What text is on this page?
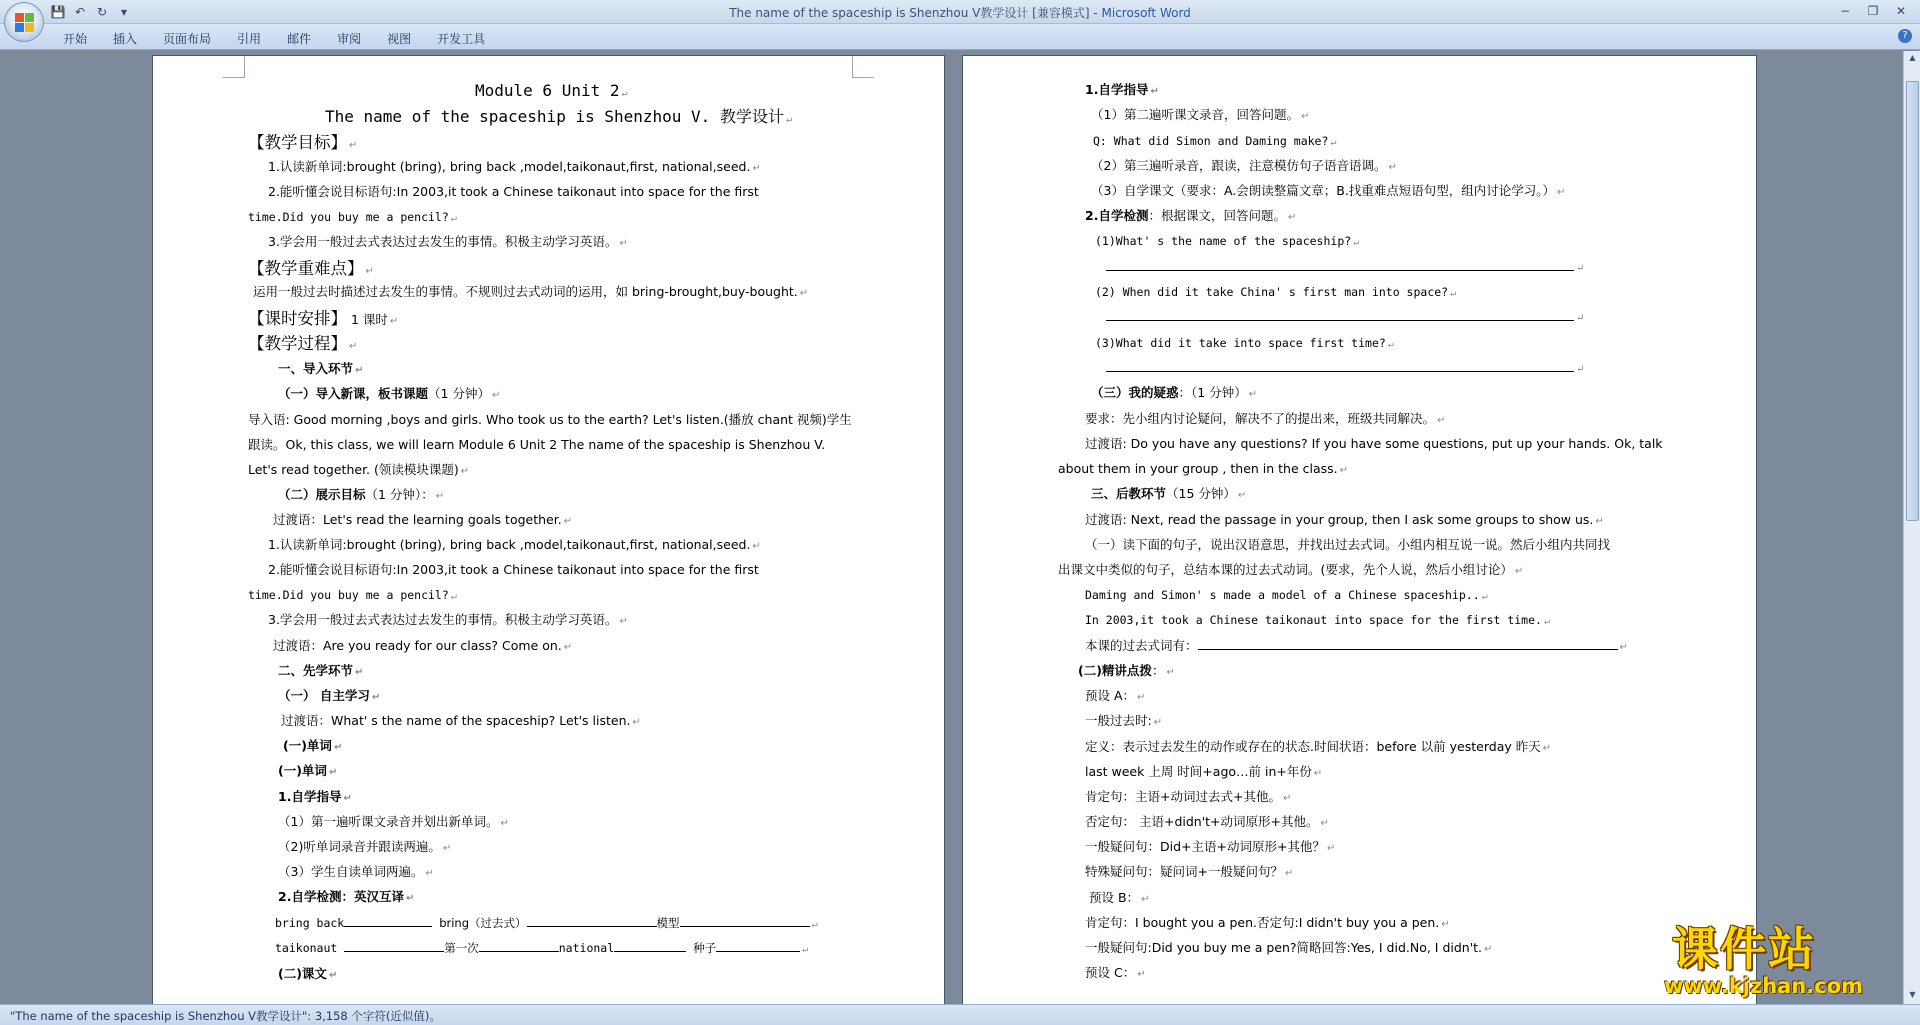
💾 ↶ ↻	▾	The name of the spaceship is Shenzhou V教学设计 [兼容模式] - Microsoft Word	−	❐	✕
开始	插入	页面布局	引用	邮件	审阅	视图	开发工具	?
Module 6 Unit 2 ↵
The name of the spaceship is Shenzhou V. 教学设计 ↵
【教学目标】 ↵
1.认读新单词:brought (bring), bring back ,model,taikonaut,first, national,seed. ↵
2.能听懂会说目标语句:In 2003,it took a Chinese taikonaut into space for the first
time.Did you buy me a pencil? ↵
3.学会用一般过去式表达过去发生的事情。积极主动学习英语。 ↵
【教学重难点】 ↵
运用一般过去时描述过去发生的事情。不规则过去式动词的运用，如 bring-brought,buy-bought. ↵
【课时安排】 1 课时 ↵
【教学过程】 ↵
一、导入环节 ↵
（一）导入新课，板书课题（1 分钟） ↵
导入语: Good morning ,boys and girls. Who took us to the earth? Let's listen.(播放 chant 视频)学生
跟读。Ok, this class, we will learn Module 6 Unit 2 The name of the spaceship is Shenzhou V.
Let's read together. (领读模块课题) ↵
（二）展示目标（1 分钟）： ↵
过渡语：Let's read the learning goals together. ↵
1.认读新单词:brought (bring), bring back ,model,taikonaut,first, national,seed. ↵
2.能听懂会说目标语句:In 2003,it took a Chinese taikonaut into space for the first
time.Did you buy me a pencil? ↵
3.学会用一般过去式表达过去发生的事情。积极主动学习英语。 ↵
过渡语：Are you ready for our class? Come on. ↵
二、先学环节 ↵
（一） 自主学习 ↵
过渡语：What' s the name of the spaceship? Let's listen. ↵
(一)单词 ↵
(一)单词 ↵
1.自学指导 ↵
（1）第一遍听课文录音并划出新单词。 ↵
（2)听单词录音并跟读两遍。 ↵
（3）学生自读单词两遍。 ↵
2.自学检测：英汉互译 ↵
bring back	bring（过去式）	模型	↵
taikonaut	第一次	national	种子	↵
(二)课文 ↵
1.自学指导 ↵
（1）第二遍听课文录音，回答问题。 ↵
Q: What did Simon and Daming make? ↵
（2）第三遍听录音，跟读，注意模仿句子语音语调。 ↵
（3）自学课文（要求：A.会朗读整篇文章；B.找重难点短语句型，组内讨论学习。） ↵
2.自学检测：根据课文，回答问题。 ↵
(1)What' s the name of the spaceship? ↵
↵
(2) When did it take China' s first man into space? ↵
↵
(3)What did it take into space first time? ↵
↵
（三）我的疑惑：（1 分钟） ↵
要求：先小组内讨论疑问，解决不了的提出来，班级共同解决。 ↵
过渡语: Do you have any questions? If you have some questions, put up your hands. Ok, talk
about them in your group , then in the class. ↵
三、后教环节（15 分钟） ↵
过渡语: Next, read the passage in your group, then I ask some groups to show us. ↵
（一）读下面的句子，说出汉语意思，并找出过去式词。小组内相互说一说。然后小组内共同找
出课文中类似的句子，总结本课的过去式动词。(要求，先个人说，然后小组讨论） ↵
Daming and Simon' s made a model of a Chinese spaceship.. ↵
In 2003,it took a Chinese taikonaut into space for the first time. ↵
本课的过去式词有：	↵
(二)精讲点拨： ↵
预设 A： ↵
一般过去时: ↵
定义：表示过去发生的动作或存在的状态.时间状语：before 以前 yesterday 昨天 ↵
last week 上周 时间+ago…前 in+年份 ↵
肯定句：主语+动词过去式+其他。 ↵
否定句： 主语+didn't+动词原形+其他。 ↵
一般疑问句：Did+主语+动词原形+其他？ ↵
特殊疑问句：疑问词+一般疑问句？ ↵
预设 B： ↵
肯定句：I bought you a pen.否定句:I didn't buy you a pen. ↵
一般疑问句:Did you buy me a pen?简略回答:Yes, I did.No, I didn't. ↵
预设 C： ↵
▲
▼
课件站
www.kjzhan.com
"The name of the spaceship is Shenzhou V教学设计": 3,158 个字符(近似值)。
